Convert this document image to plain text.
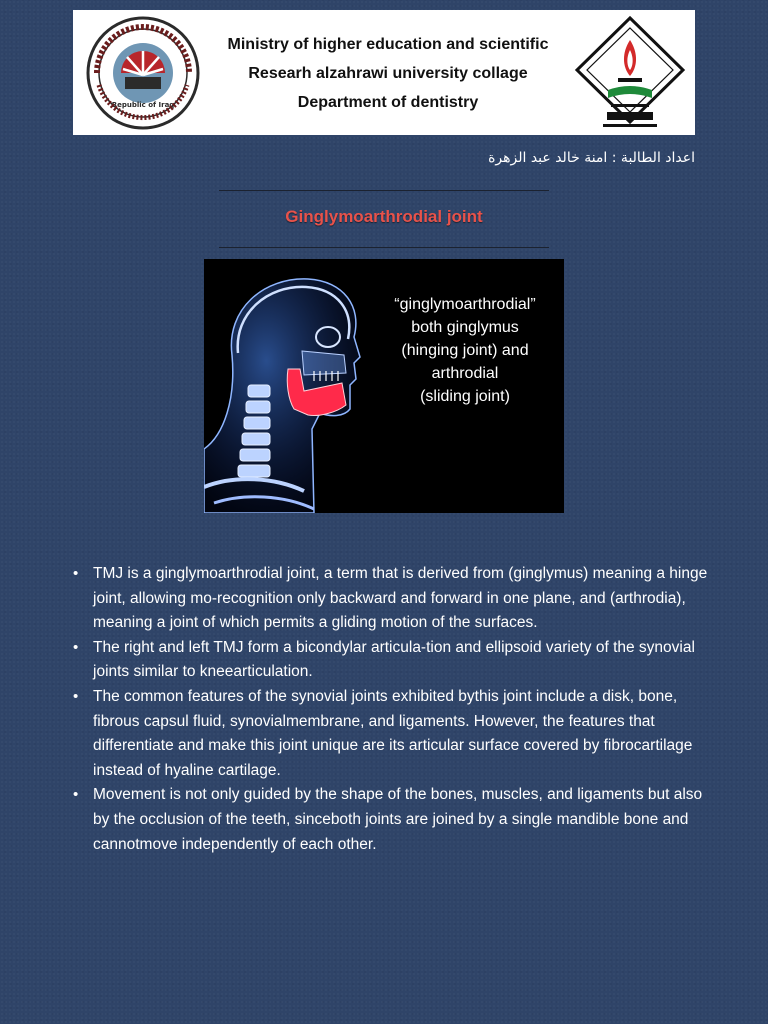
Republic of Iraq
Ministry of higher education and scientific
Researh alzahrawi university collage
Department of dentistry
اعداد الطالبة : امنة خالد عبد الزهرة
Ginglymoarthrodial joint
“ginglymoarthrodial”
both ginglymus
(hinging joint) and
arthrodial
(sliding joint)
• TMJ is a ginglymoarthrodial joint, a term that is derived from (ginglymus) meaning a hinge joint, allowing mo-recognition only backward and forward in one plane, and (arthrodia), meaning a joint of which permits a gliding motion of the surfaces.
• The right and left TMJ form a bicondylar articula-tion and ellipsoid variety of the synovial joints similar to kneearticulation.
• The common features of the synovial joints exhibited bythis joint include a disk, bone, fibrous capsul fluid, synovialmembrane, and ligaments. However, the features that differentiate and make this joint unique are its articular surface covered by fibrocartilage instead of hyaline cartilage.
• Movement is not only guided by the shape of the bones, muscles, and ligaments but also by the occlusion of the teeth, sinceboth joints are joined by a single mandible bone and cannotmove independently of each other.
